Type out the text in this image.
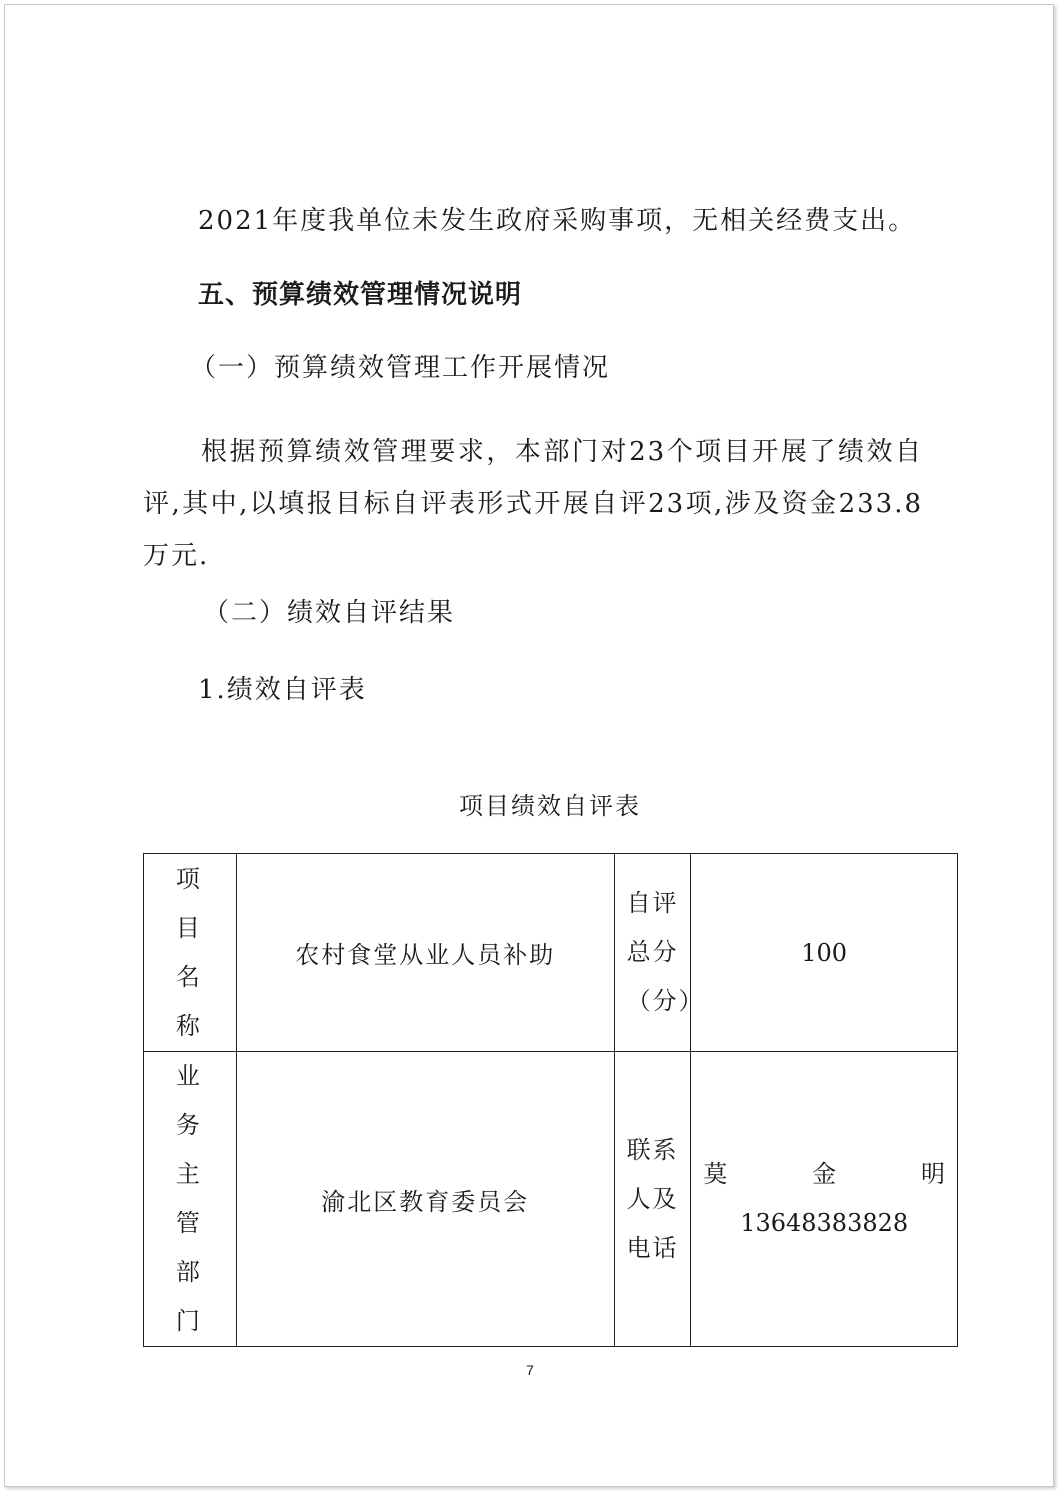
2021年度我单位未发生政府采购事项，无相关经费支出。
五、预算绩效管理情况说明
（一）预算绩效管理工作开展情况
根据预算绩效管理要求，本部门对23个项目开展了绩效自评,其中,以填报目标自评表形式开展自评23项,涉及资金233.8万元.
（二）绩效自评结果
1.绩效自评表
项目绩效自评表
项目名称	农村食堂从业人员补助	自评总分（分）	100
业务主管部门	渝北区教育委员会	联系人及电话	莫 金 明
13648383828
7
